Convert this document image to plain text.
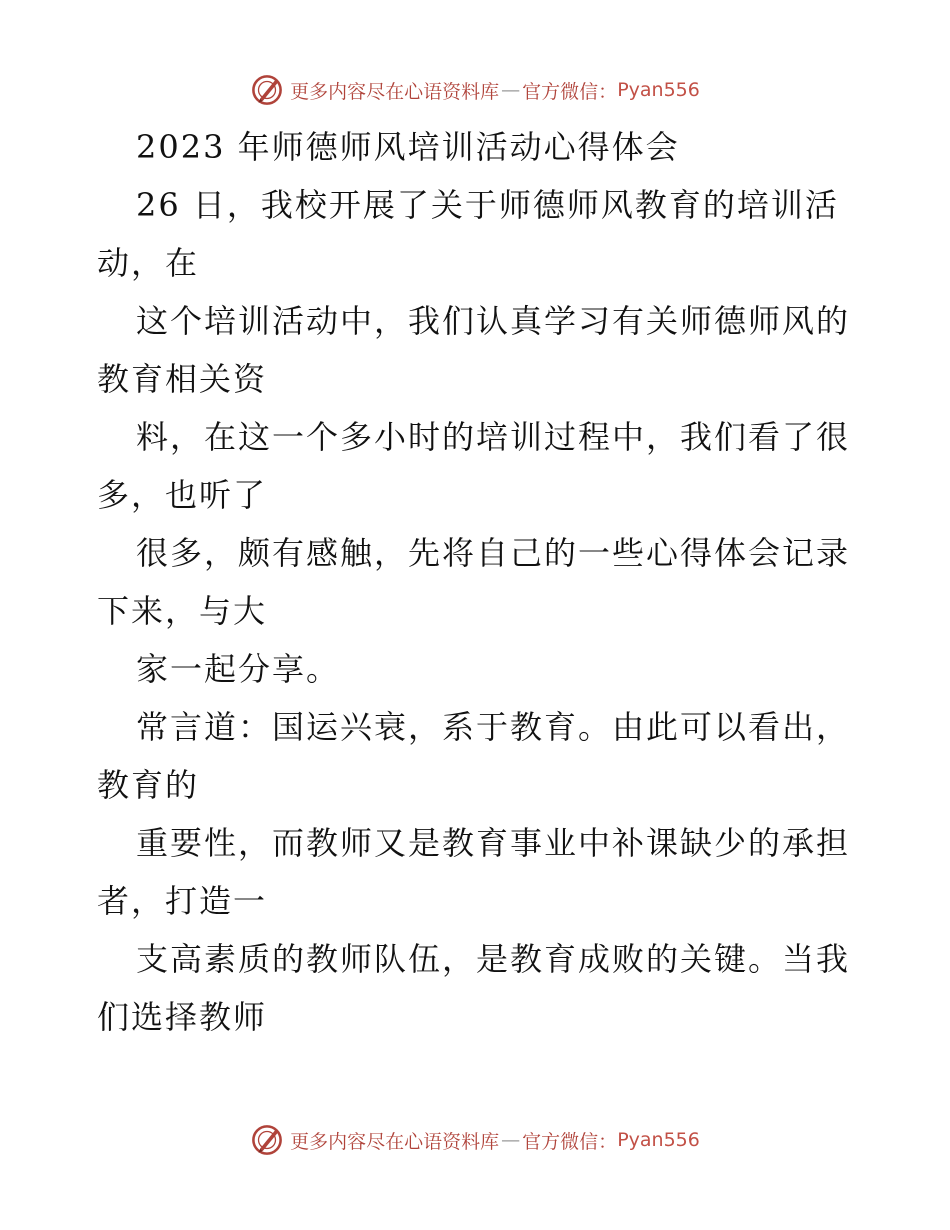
更多内容尽在心语资料库 — 官方微信： Pyan556
2023 年师德师风培训活动心得体会
26 日，我校开展了关于师德师风教育的培训活
动，在
这个培训活动中，我们认真学习有关师德师风的
教育相关资
料，在这一个多小时的培训过程中，我们看了很
多，也听了
很多，颇有感触，先将自己的一些心得体会记录
下来，与大
家一起分享。
常言道：国运兴衰，系于教育。由此可以看出，
教育的
重要性，而教师又是教育事业中补课缺少的承担
者，打造一
支高素质的教师队伍，是教育成败的关键。当我
们选择教师
更多内容尽在心语资料库 — 官方微信： Pyan556
